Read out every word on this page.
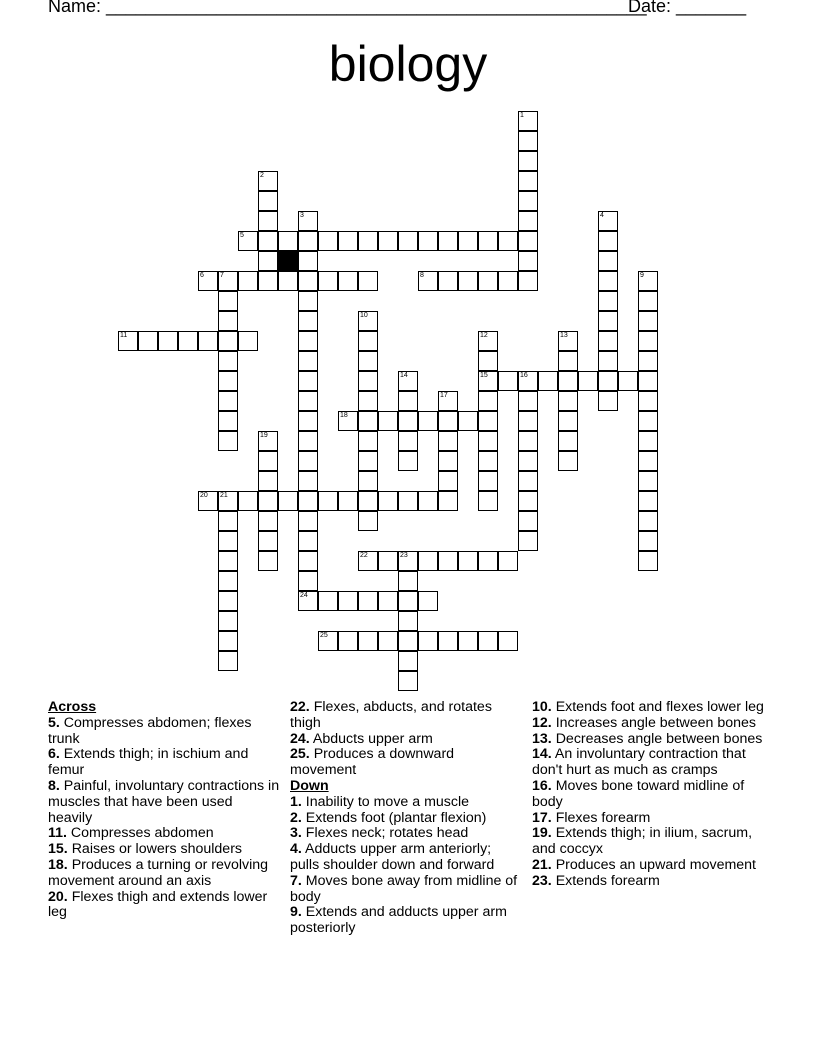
Name: ______________________________________________________
Date: _______
biology
5
6 7	8
11
15	16
18
20 21
22	23
24
25
1
2
3	4
9
10
12	13
14
17
19
Across
5. Compresses abdomen; flexes trunk
6. Extends thigh; in ischium and femur
8. Painful, involuntary contractions in muscles that have been used heavily
11. Compresses abdomen
15. Raises or lowers shoulders
18. Produces a turning or revolving movement around an axis
20. Flexes thigh and extends lower leg
22. Flexes, abducts, and rotates thigh
24. Abducts upper arm
25. Produces a downward movement
Down
1. Inability to move a muscle
2. Extends foot (plantar flexion)
3. Flexes neck; rotates head
4. Adducts upper arm anteriorly; pulls shoulder down and forward
7. Moves bone away from midline of body
9. Extends and adducts upper arm posteriorly
10. Extends foot and flexes lower leg
12. Increases angle between bones
13. Decreases angle between bones
14. An involuntary contraction that don't hurt as much as cramps
16. Moves bone toward midline of body
17. Flexes forearm
19. Extends thigh; in ilium, sacrum, and coccyx
21. Produces an upward movement
23. Extends forearm
